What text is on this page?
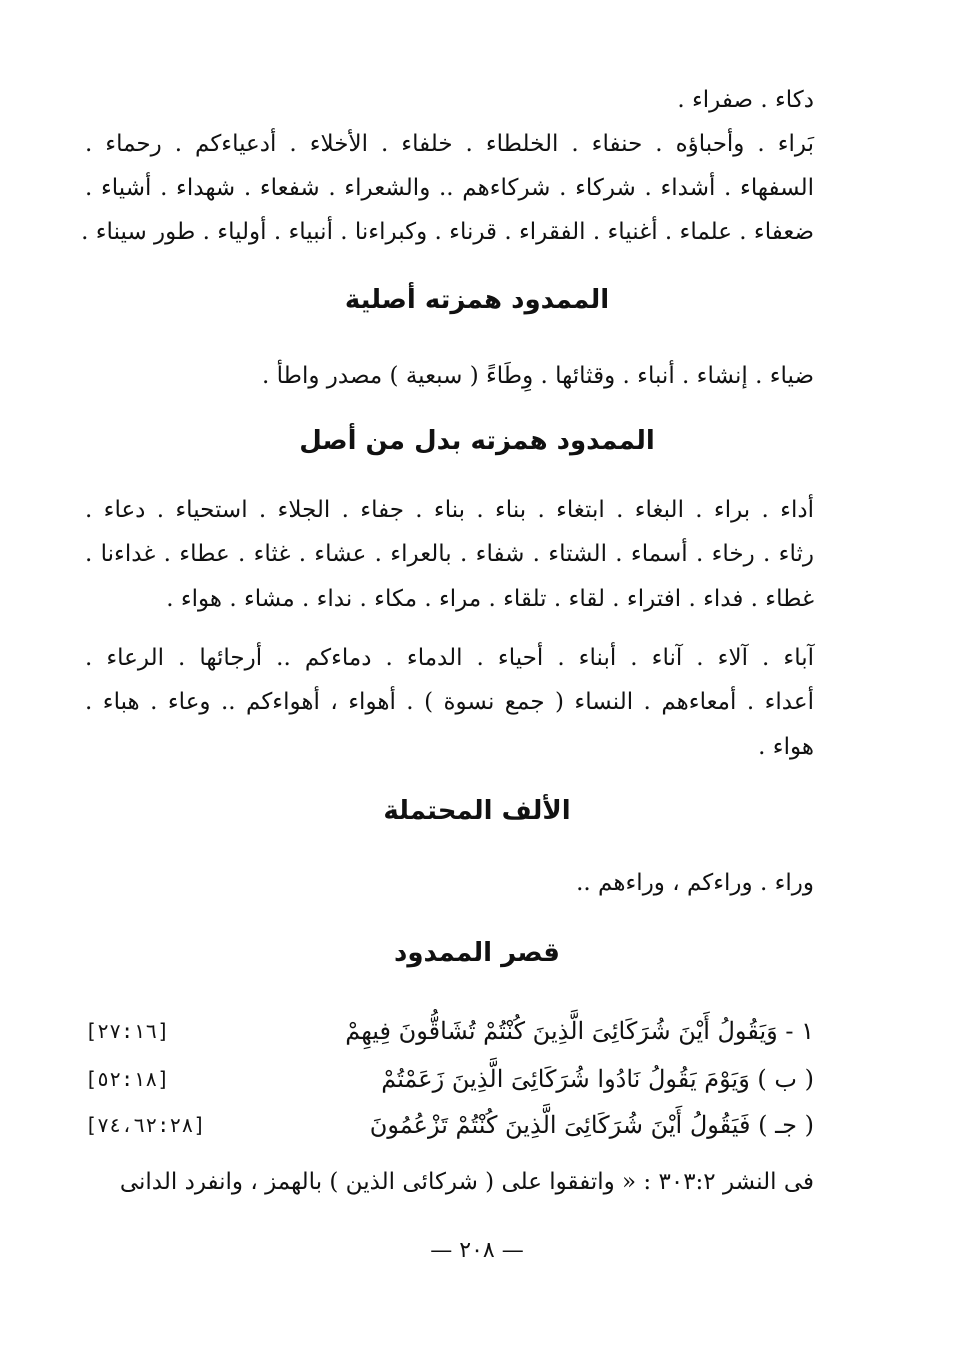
دكاء . صفراء .
بَراء . وأحباؤه . حنفاء . الخلطاء . خلفاء . الأخلاء . أدعياءكم . رحماء .
السفهاء . أشداء . شركاء . شركاءهم .. والشعراء . شفعاء . شهداء . أشياء .
ضعفاء . علماء . أغنياء . الفقراء . قرناء . وكبراءنا . أنبياء . أولياء . طور سيناء .
الممدود همزته أصلية
ضياء . إنشاء . أنباء . وقثائها . وِطَاءً ( سبعية ) مصدر واطأ .
الممدود همزته بدل من أصل
أداء . براء . البغاء . ابتغاء . بناء . بناء . جفاء . الجلاء . استحياء . دعاء .
رثاء . رخاء . أسماء . الشتاء . شفاء . بالعراء . عشاء . غثاء . عطاء . غداءنا .
غطاء . فداء . افتراء . لقاء . تلقاء . مراء . مكاء . نداء . مشاء . هواء .
آباء . آلاء . آناء . أبناء . أحياء . الدماء . دماءكم .. أرجائها . الرعاء .
أعداء . أمعاءهم . النساء ( جمع نسوة ) . أهواء ، أهواءكم .. وعاء . هباء .
هواء .
الألف المحتملة
وراء . وراءكم ، وراءهم ..
قصر الممدود
١ - وَيَقُولُ أَيْنَ شُرَكَائِىَ الَّذِينَ كُنْتُمْ تُشَاقُّونَ فِيهِمْ
[٢٧:١٦]
( ب ) وَيَوْمَ يَقُولُ نَادُوا شُرَكَائِىَ الَّذِينَ زَعَمْتُمْ
[٥٢:١٨]
( جـ ) فَيَقُولُ أَيْنَ شُرَكَائِىَ الَّذِينَ كُنْتُمْ تَزْعُمُونَ
[٧٤،٦٢:٢٨]
فى النشر ٣٠٣:٢ : « واتفقوا على ( شركائى الذين ) بالهمز ، وانفرد الدانى
— ٢٠٨ —
